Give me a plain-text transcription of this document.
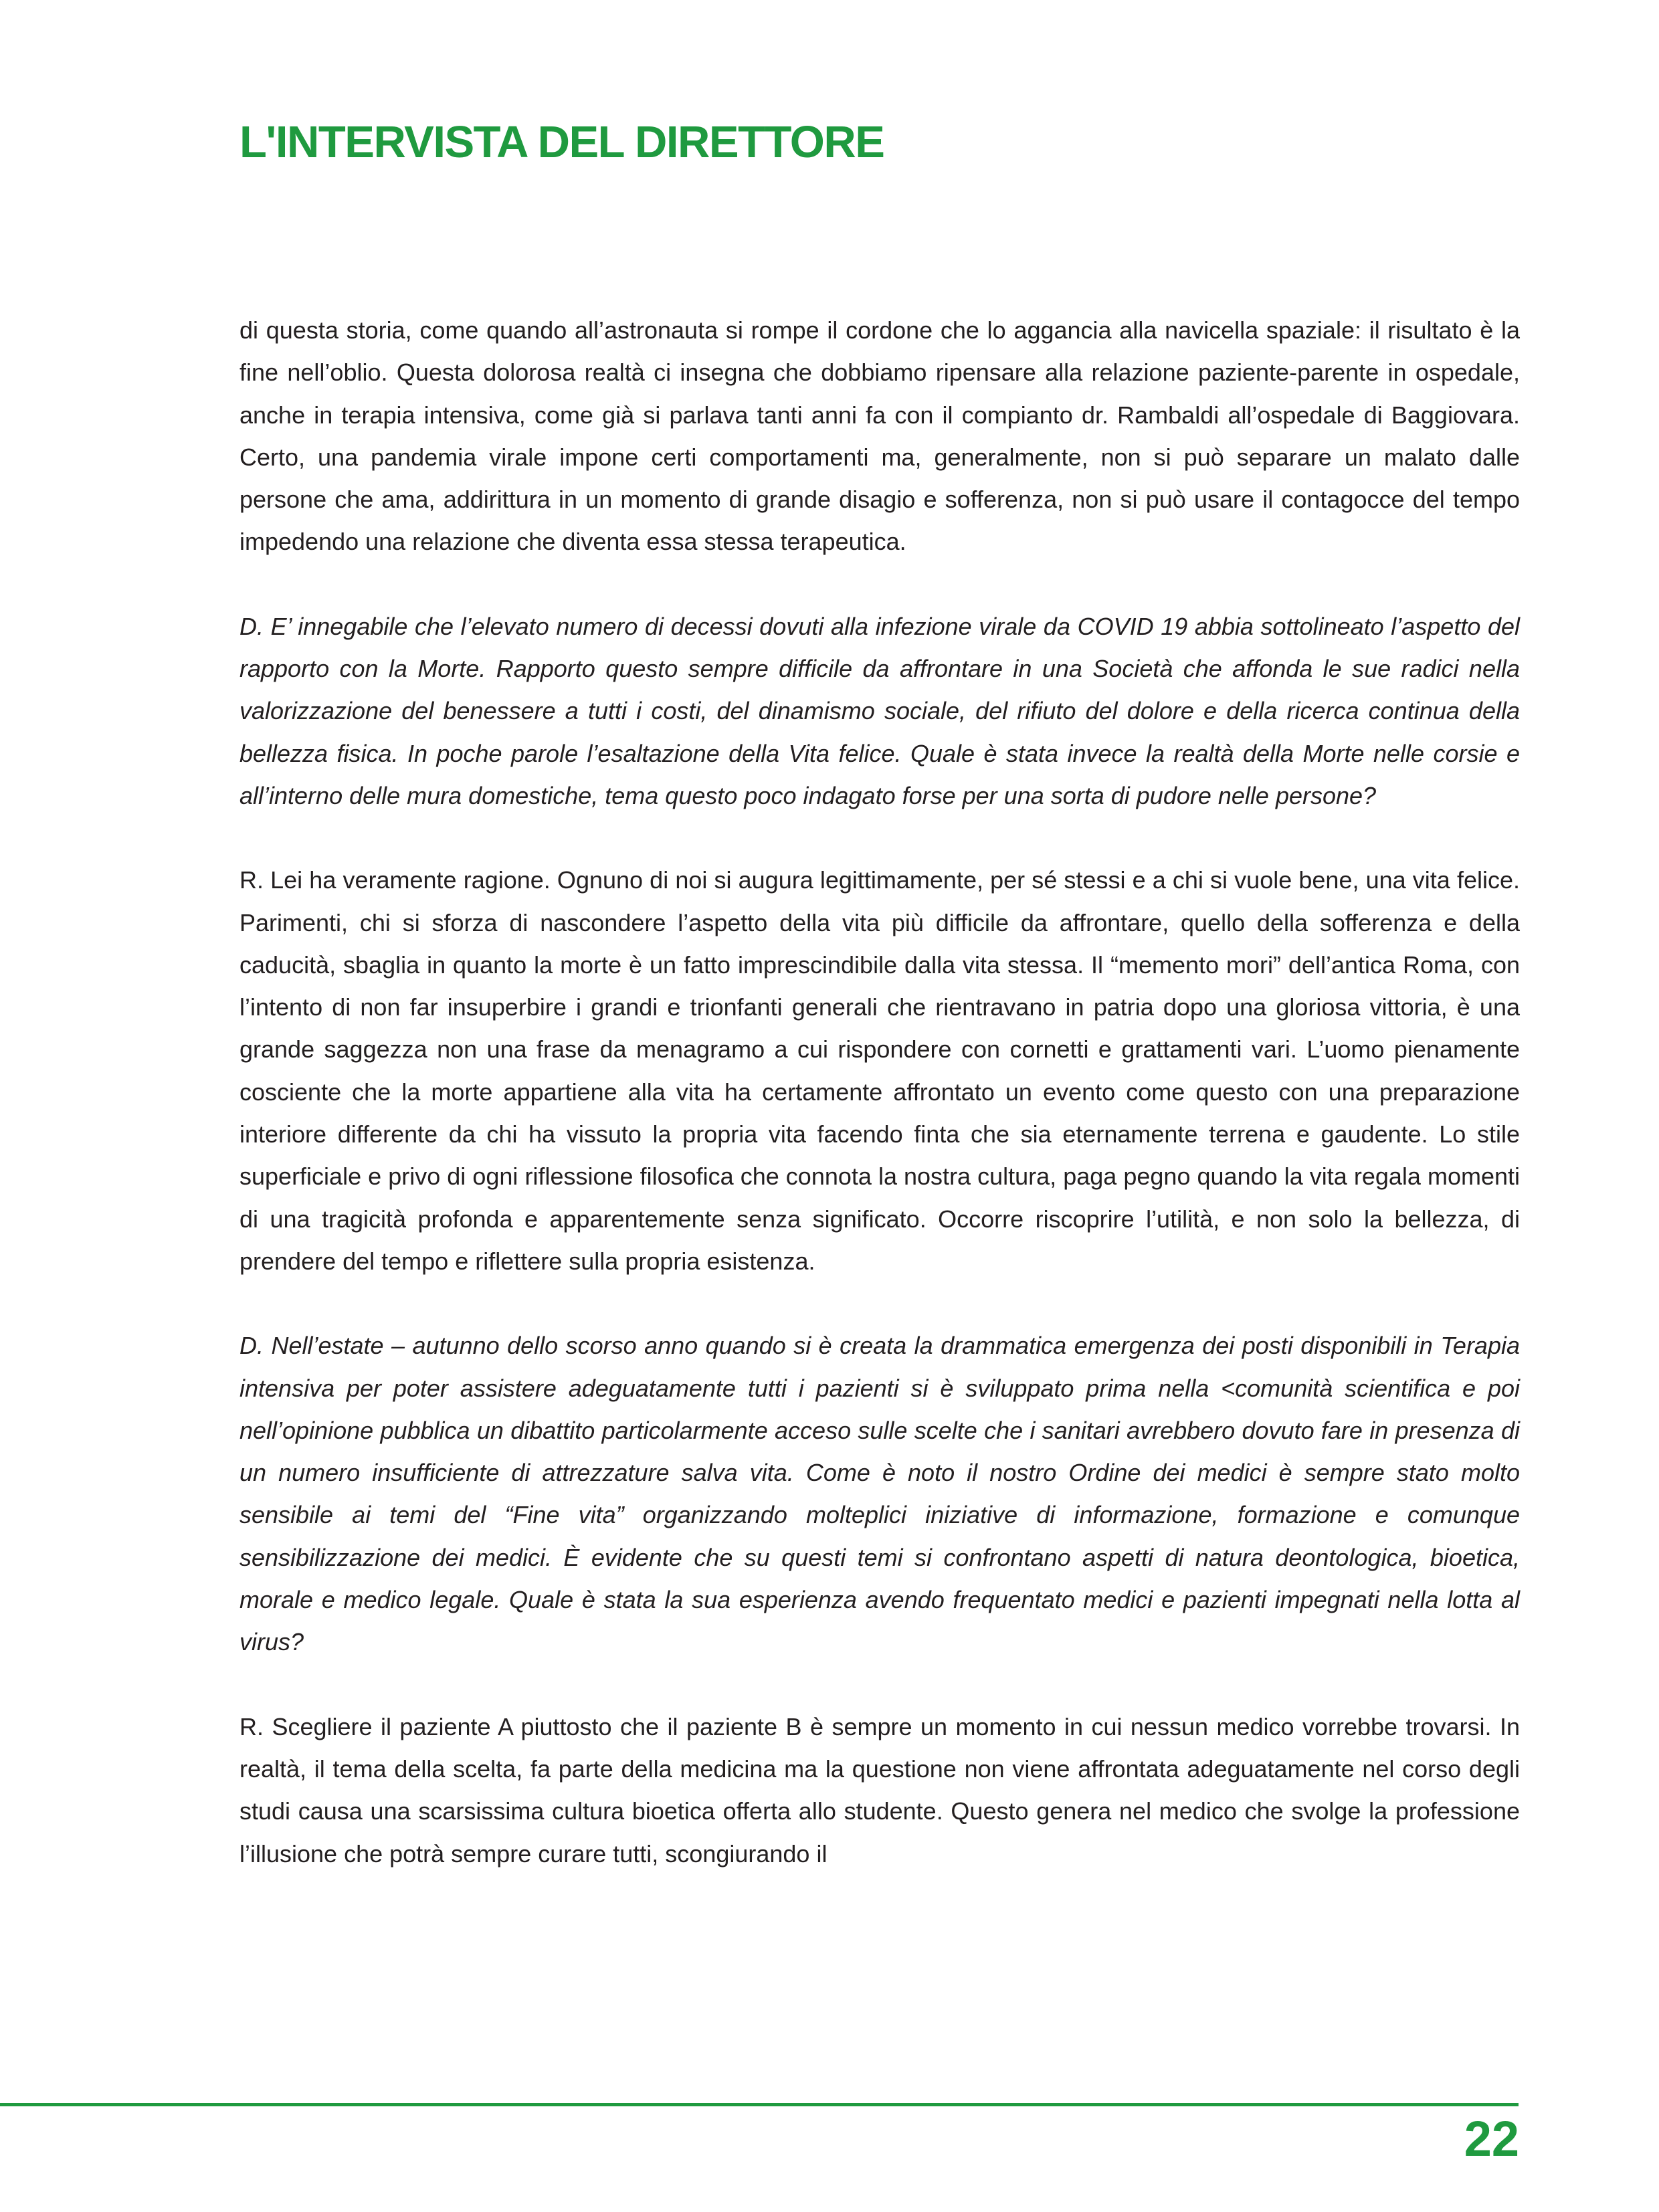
L'INTERVISTA DEL DIRETTORE

di questa storia, come quando all’astronauta si rompe il cordone che lo aggancia alla navicella spaziale: il risultato è la fine nell’oblio. Questa dolorosa realtà ci insegna che dobbiamo ripensare alla relazione paziente-parente in ospedale, anche in terapia intensiva, come già si parlava tanti anni fa con il compianto dr. Rambaldi all’ospedale di Baggiovara. Certo, una pandemia virale impone certi comportamenti ma, generalmente, non si può separare un malato dalle persone che ama, addirittura in un momento di grande disagio e sofferenza, non si può usare il contagocce del tempo impedendo una relazione che diventa essa stessa terapeutica.

D. E’ innegabile che l’elevato numero di decessi dovuti alla infezione virale da COVID 19 abbia sottolineato l’aspetto del rapporto con la Morte. Rapporto questo sempre difficile da affrontare in una Società che affonda le sue radici nella valorizzazione del benessere a tutti i costi, del dinamismo sociale, del rifiuto del dolore e della ricerca continua della bellezza fisica. In poche parole l’esaltazione della Vita felice. Quale è stata invece la realtà della Morte nelle corsie e all’interno delle mura domestiche, tema questo poco indagato forse per una sorta di pudore nelle persone?

R. Lei ha veramente ragione. Ognuno di noi si augura legittimamente, per sé stessi e a chi si vuole bene, una vita felice. Parimenti, chi si sforza di nascondere l’aspetto della vita più difficile da affrontare, quello della sofferenza e della caducità, sbaglia in quanto la morte è un fatto imprescindibile dalla vita stessa. Il “memento mori” dell’antica Roma, con l’intento di non far insuperbire i grandi e trionfanti generali che rientravano in patria dopo una gloriosa vittoria, è una grande saggezza non una frase da menagramo a cui rispondere con cornetti e grattamenti vari. L’uomo pienamente cosciente che la morte appartiene alla vita ha certamente affrontato un evento come questo con una preparazione interiore differente da chi ha vissuto la propria vita facendo finta che sia eternamente terrena e gaudente. Lo stile superficiale e privo di ogni riflessione filosofica che connota la nostra cultura, paga pegno quando la vita regala momenti di una tragicità profonda e apparentemente senza significato. Occorre riscoprire l’utilità, e non solo la bellezza, di prendere del tempo e riflettere sulla propria esistenza.

D. Nell’estate – autunno dello scorso anno quando si è creata la drammatica emergenza dei posti disponibili in Terapia intensiva per poter assistere adeguatamente tutti i pazienti si è sviluppato prima nella <comunità scientifica e poi nell’opinione pubblica un dibattito particolarmente acceso sulle scelte che i sanitari avrebbero dovuto fare in presenza di un numero insufficiente di attrezzature salva vita. Come è noto il nostro Ordine dei medici è sempre stato molto sensibile ai temi del “Fine vita” organizzando molteplici iniziative di informazione, formazione e comunque sensibilizzazione dei medici. È evidente che su questi temi si confrontano aspetti di natura deontologica, bioetica, morale e medico legale. Quale è stata la sua esperienza avendo frequentato medici e pazienti impegnati nella lotta al virus?

R. Scegliere il paziente A piuttosto che il paziente B è sempre un momento in cui nessun medico vorrebbe trovarsi. In realtà, il tema della scelta, fa parte della medicina ma la questione non viene affrontata adeguatamente nel corso degli studi causa una scarsissima cultura bioetica offerta allo studente. Questo genera nel medico che svolge la professione l’illusione che potrà sempre curare tutti, scongiurando il

22
